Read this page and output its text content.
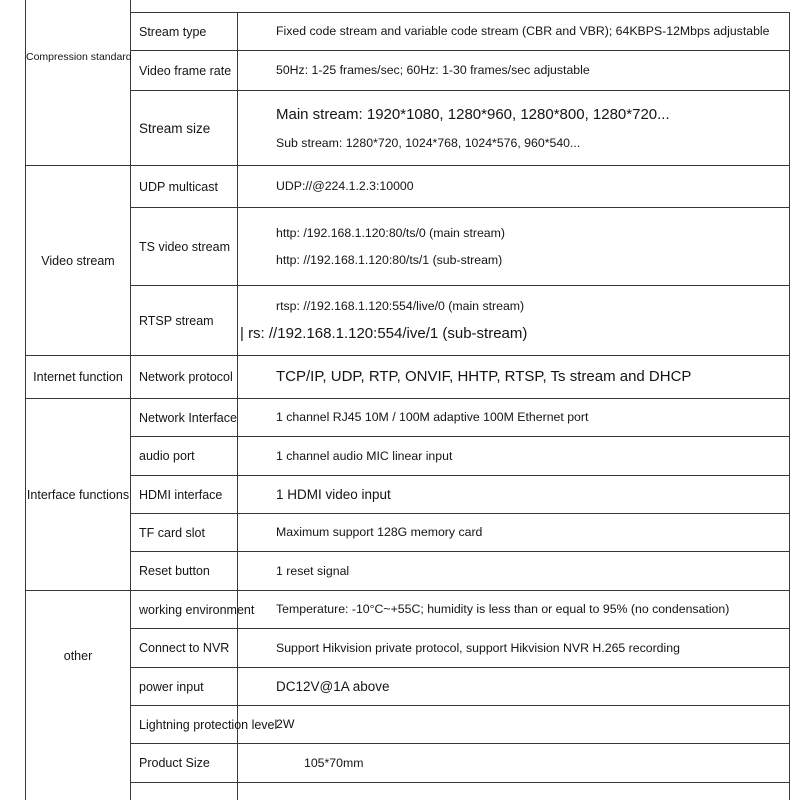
Compression standard	Stream type	Fixed code stream and variable code stream (CBR and VBR); 64KBPS-12Mbps adjustable

	Video frame rate	50Hz: 1-25 frames/sec; 60Hz: 1-30 frames/sec adjustable

	Stream size	Main stream: 1920*1080, 1280*960, 1280*800, 1280*720...
Sub stream: 1280*720, 1024*768, 1024*576, 960*540...

Video stream	UDP multicast	UDP://@224.1.2.3:10000

	TS video stream	http: /192.168.1.120:80/ts/0 (main stream)
http: //192.168.1.120:80/ts/1 (sub-stream)

	RTSP stream	rtsp: //192.168.1.120:554/live/0 (main stream)
| rs: //192.168.1.120:554/ive/1 (sub-stream)

Internet function	Network protocol	TCP/IP, UDP, RTP, ONVIF, HHTP, RTSP, Ts stream and DHCP

Interface functions	Network Interface	1 channel RJ45 10M / 100M adaptive 100M Ethernet port

	audio port	1 channel audio MIC linear input

	HDMI interface	1 HDMI video input

	TF card slot	Maximum support 128G memory card

	Reset button	1 reset signal

other	working environment	Temperature: -10°C~+55C; humidity is less than or equal to 95% (no condensation)

	Connect to NVR	Support Hikvision private protocol, support Hikvision NVR H.265 recording

	power input	DC12V@1A above

	Lightning protection level	2W

	Product Size	105*70mm
